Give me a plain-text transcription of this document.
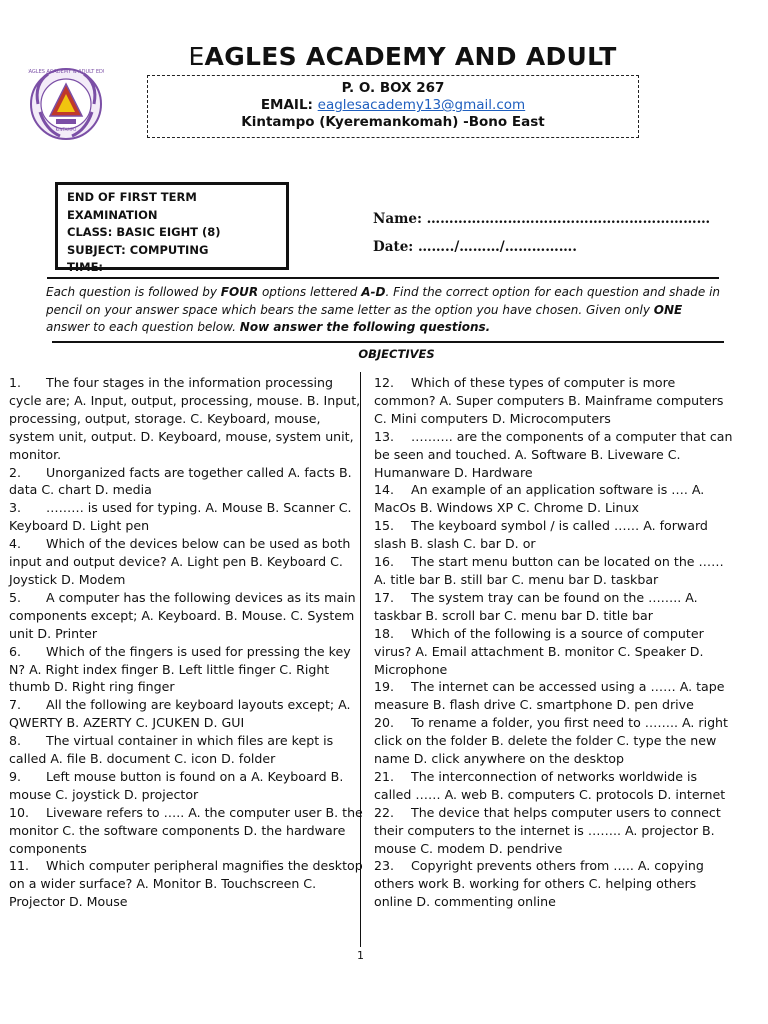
EAGLES ACADEMY & ADULT EDU
KINTAMPO
EAGLES ACADEMY AND ADULT
P. O. BOX 267
EMAIL: eaglesacademy13@gmail.com
Kintampo (Kyeremankomah) -Bono East
END OF FIRST TERM EXAMINATION
CLASS: BASIC EIGHT (8)
SUBJECT: COMPUTING
TIME:
Name: ………………………………………………………
Date: ……../………/…………….
Each question is followed by FOUR options lettered A-D. Find the correct option for each question and shade in pencil on your answer space which bears the same letter as the option you have chosen. Given only ONE answer to each question below. Now answer the following questions.
OBJECTIVES

1. The four stages in the information processing cycle are; A. Input, output, processing, mouse. B. Input, processing, output, storage. C. Keyboard, mouse, system unit, output. D. Keyboard, mouse, system unit, monitor.

2. Unorganized facts are together called A. facts B. data C. chart D. media

3. ……… is used for typing. A. Mouse B. Scanner C. Keyboard D. Light pen

4. Which of the devices below can be used as both input and output device? A. Light pen B. Keyboard C. Joystick D. Modem

5. A computer has the following devices as its main components except; A. Keyboard. B. Mouse. C. System unit D. Printer

6. Which of the fingers is used for pressing the key N? A. Right index finger B. Left little finger C. Right thumb D. Right ring finger

7. All the following are keyboard layouts except; A. QWERTY B. AZERTY C. JCUKEN D. GUI

8. The virtual container in which files are kept is called A. file B. document C. icon D. folder

9. Left mouse button is found on a A. Keyboard B. mouse C. joystick D. projector

10. Liveware refers to ….. A. the computer user B. the monitor C. the software components D. the hardware components

11. Which computer peripheral magnifies the desktop on a wider surface? A. Monitor B. Touchscreen C. Projector D. Mouse

12. Which of these types of computer is more common? A. Super computers B. Mainframe computers C. Mini computers D. Microcomputers

13. ………. are the components of a computer that can be seen and touched. A. Software B. Liveware C. Humanware D. Hardware

14. An example of an application software is …. A. MacOs B. Windows XP C. Chrome D. Linux

15. The keyboard symbol / is called …… A. forward slash B. slash C. bar D. or

16. The start menu button can be located on the …… A. title bar B. still bar C. menu bar D. taskbar

17. The system tray can be found on the …….. A. taskbar B. scroll bar C. menu bar D. title bar

18. Which of the following is a source of computer virus? A. Email attachment B. monitor C. Speaker D. Microphone

19. The internet can be accessed using a …… A. tape measure B. flash drive C. smartphone D. pen drive

20. To rename a folder, you first need to …….. A. right click on the folder B. delete the folder C. type the new name D. click anywhere on the desktop

21. The interconnection of networks worldwide is called …… A. web B. computers C. protocols D. internet

22. The device that helps computer users to connect their computers to the internet is …….. A. projector B. mouse C. modem D. pendrive

23. Copyright prevents others from ….. A. copying others work B. working for others C. helping others online D. commenting online

1
